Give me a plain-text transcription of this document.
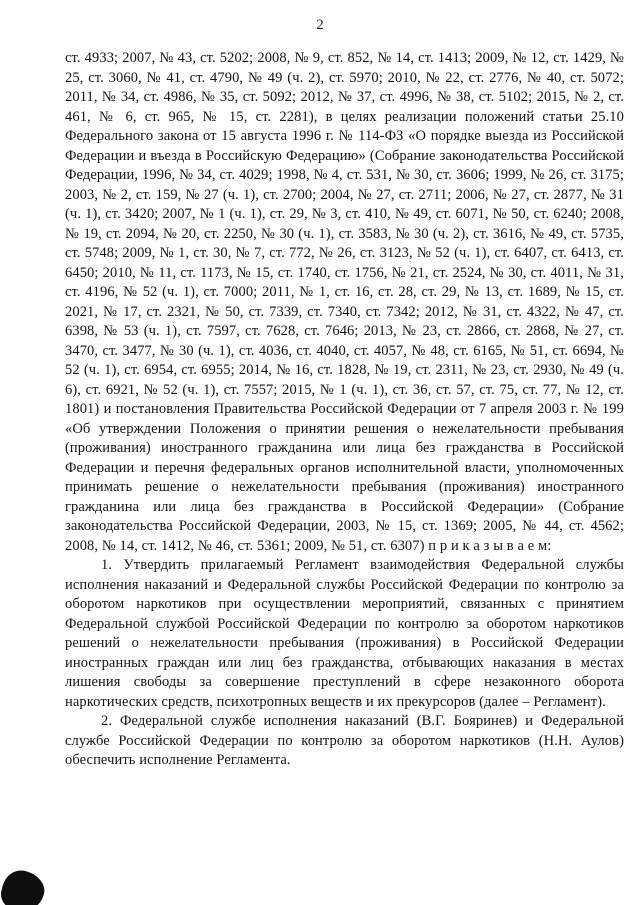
2

ст. 4933; 2007, № 43, ст. 5202; 2008, № 9, ст. 852, № 14, ст. 1413; 2009, № 12, ст. 1429, № 25, ст. 3060, № 41, ст. 4790, № 49 (ч. 2), ст. 5970; 2010, № 22, ст. 2776, № 40, ст. 5072; 2011, № 34, ст. 4986, № 35, ст. 5092; 2012, № 37, ст. 4996, № 38, ст. 5102; 2015, № 2, ст. 461, № 6, ст. 965, № 15, ст. 2281), в целях реализации положений статьи 25.10 Федерального закона от 15 августа 1996 г. № 114-ФЗ «О порядке выезда из Российской Федерации и въезда в Российскую Федерацию» (Собрание законодательства Российской Федерации, 1996, № 34, ст. 4029; 1998, № 4, ст. 531, № 30, ст. 3606; 1999, № 26, ст. 3175; 2003, № 2, ст. 159, № 27 (ч. 1), ст. 2700; 2004, № 27, ст. 2711; 2006, № 27, ст. 2877, № 31 (ч. 1), ст. 3420; 2007, № 1 (ч. 1), ст. 29, № 3, ст. 410, № 49, ст. 6071, № 50, ст. 6240; 2008, № 19, ст. 2094, № 20, ст. 2250, № 30 (ч. 1), ст. 3583, № 30 (ч. 2), ст. 3616, № 49, ст. 5735, ст. 5748; 2009, № 1, ст. 30, № 7, ст. 772, № 26, ст. 3123, № 52 (ч. 1), ст. 6407, ст. 6413, ст. 6450; 2010, № 11, ст. 1173, № 15, ст. 1740, ст. 1756, № 21, ст. 2524, № 30, ст. 4011, № 31, ст. 4196, № 52 (ч. 1), ст. 7000; 2011, № 1, ст. 16, ст. 28, ст. 29, № 13, ст. 1689, № 15, ст. 2021, № 17, ст. 2321, № 50, ст. 7339, ст. 7340, ст. 7342; 2012, № 31, ст. 4322, № 47, ст. 6398, № 53 (ч. 1), ст. 7597, ст. 7628, ст. 7646; 2013, № 23, ст. 2866, ст. 2868, № 27, ст. 3470, ст. 3477, № 30 (ч. 1), ст. 4036, ст. 4040, ст. 4057, № 48, ст. 6165, № 51, ст. 6694, № 52 (ч. 1), ст. 6954, ст. 6955; 2014, № 16, ст. 1828, № 19, ст. 2311, № 23, ст. 2930, № 49 (ч. 6), ст. 6921, № 52 (ч. 1), ст. 7557; 2015, № 1 (ч. 1), ст. 36, ст. 57, ст. 75, ст. 77, № 12, ст. 1801) и постановления Правительства Российской Федерации от 7 апреля 2003 г. № 199 «Об утверждении Положения о принятии решения о нежелательности пребывания (проживания) иностранного гражданина или лица без гражданства в Российской Федерации и перечня федеральных органов исполнительной власти, уполномоченных принимать решение о нежелательности пребывания (проживания) иностранного гражданина или лица без гражданства в Российской Федерации» (Собрание законодательства Российской Федерации, 2003, № 15, ст. 1369; 2005, № 44, ст. 4562; 2008, № 14, ст. 1412, № 46, ст. 5361; 2009, № 51, ст. 6307) п р и к а з ы в а е м:

1. Утвердить прилагаемый Регламент взаимодействия Федеральной службы исполнения наказаний и Федеральной службы Российской Федерации по контролю за оборотом наркотиков при осуществлении мероприятий, связанных с принятием Федеральной службой Российской Федерации по контролю за оборотом наркотиков решений о нежелательности пребывания (проживания) в Российской Федерации иностранных граждан или лиц без гражданства, отбывающих наказания в местах лишения свободы за совершение преступлений в сфере незаконного оборота наркотических средств, психотропных веществ и их прекурсоров (далее – Регламент).

2. Федеральной службе исполнения наказаний (В.Г. Бояринев) и Федеральной службе Российской Федерации по контролю за оборотом наркотиков (Н.Н. Аулов) обеспечить исполнение Регламента.
